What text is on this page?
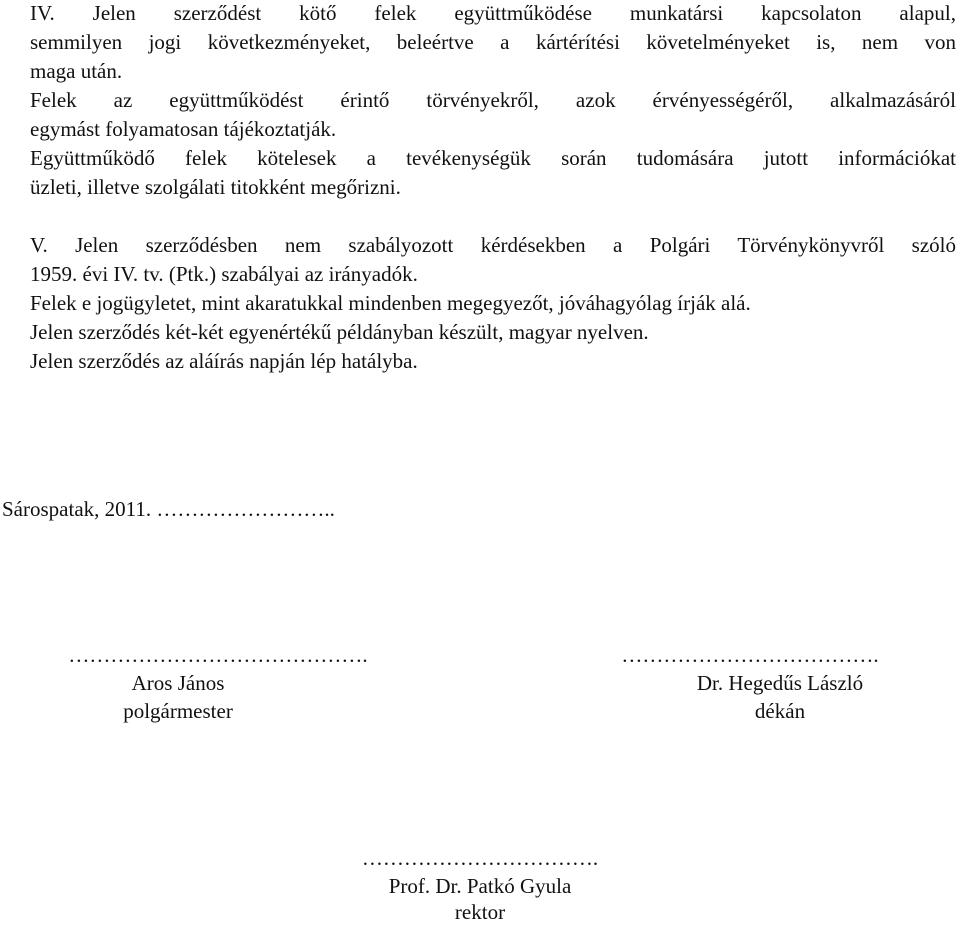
IV. Jelen szerződést kötő felek együttműködése munkatársi kapcsolaton alapul,
semmilyen jogi következményeket, beleértve a kártérítési követelményeket is, nem von
maga után.
Felek az együttműködést érintő törvényekről, azok érvényességéről, alkalmazásáról
egymást folyamatosan tájékoztatják.
Együttműködő felek kötelesek a tevékenységük során tudomására jutott információkat
üzleti, illetve szolgálati titokként megőrizni.
V. Jelen szerződésben nem szabályozott kérdésekben a Polgári Törvénykönyvről szóló
1959. évi IV. tv. (Ptk.) szabályai az irányadók.
Felek e jogügyletet, mint akaratukkal mindenben megegyezőt, jóváhagyólag írják alá.
Jelen szerződés két-két egyenértékű példányban készült, magyar nyelven.
Jelen szerződés az aláírás napján lép hatályba.
Sárospatak, 2011. ……………………..
…………………………………….
Aros János
polgármester
……………………………….
Dr. Hegedűs László
dékán
…………………………….
Prof. Dr. Patkó Gyula
rektor
